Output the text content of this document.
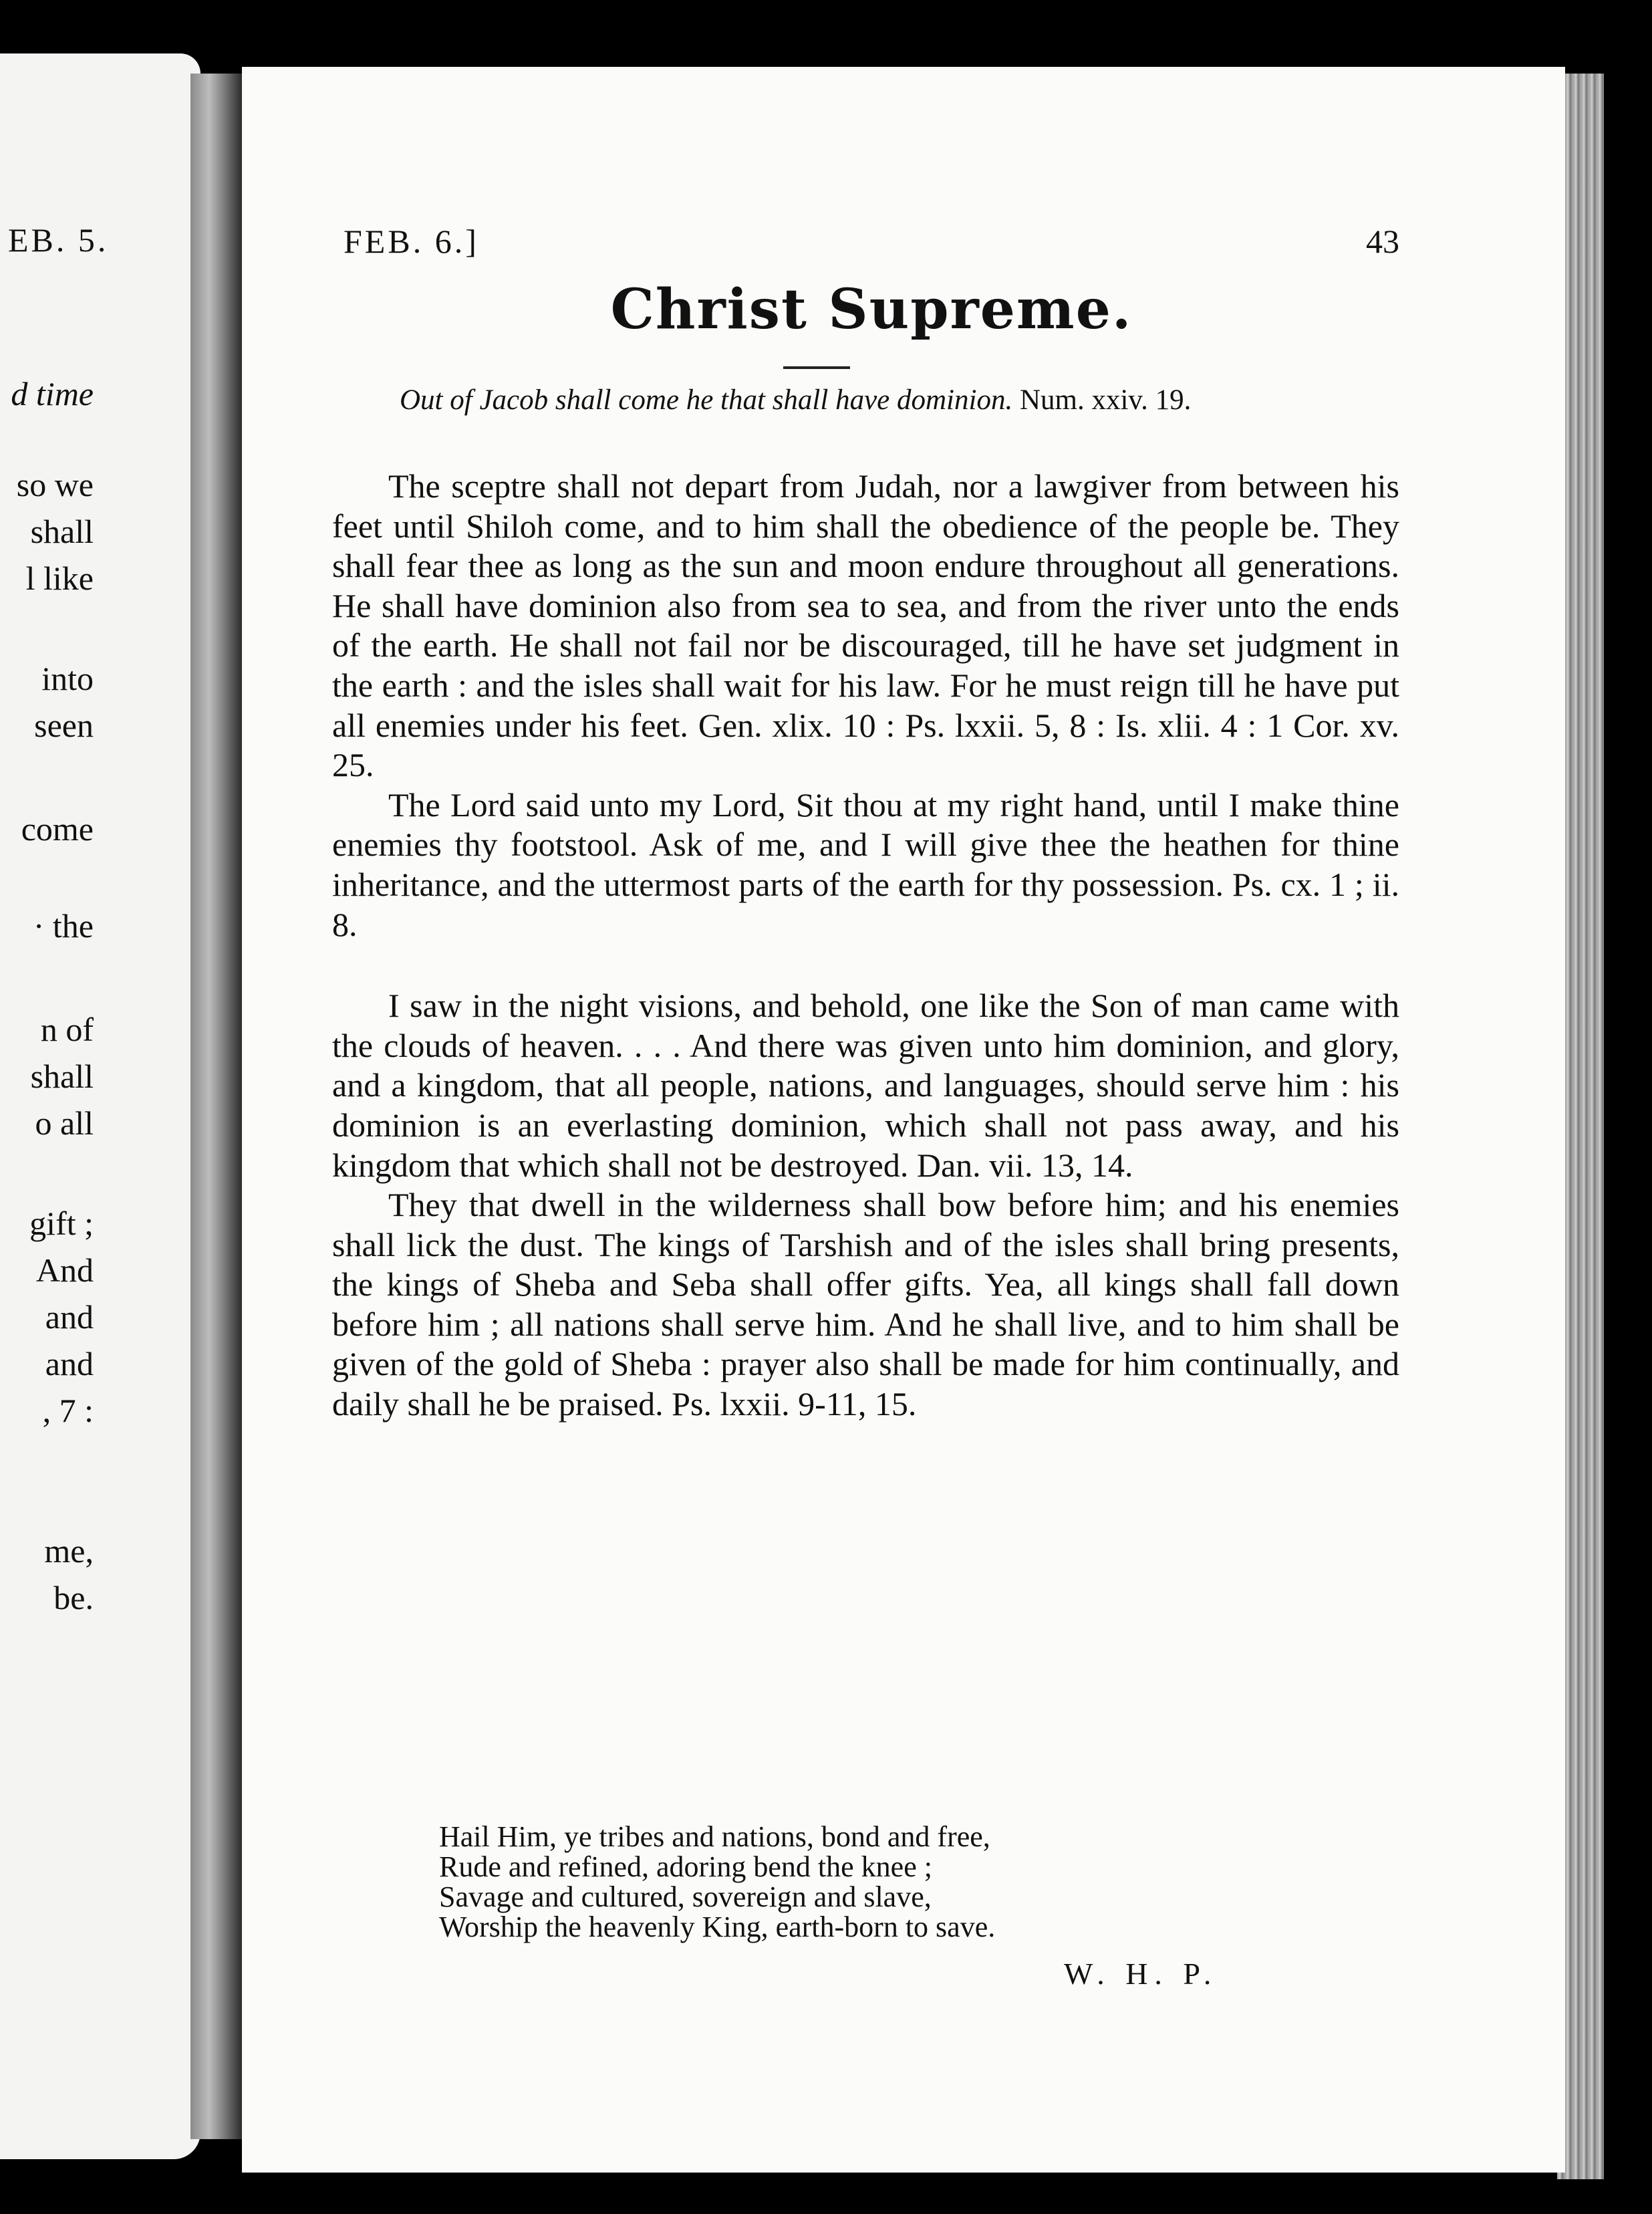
EB. 5.

d time

so we

shall

l like

into

seen

come

· the

n of

shall

o all

gift ;

And

and

and

, 7 :

me,

be.

FEB. 6.]	43

Christ Supreme.

Out of Jacob shall come he that shall have dominion. Num. xxiv. 19.

The sceptre shall not depart from Judah, nor a lawgiver from between his feet until Shiloh come, and to him shall the obedience of the people be. They shall fear thee as long as the sun and moon endure throughout all generations. He shall have dominion also from sea to sea, and from the river unto the ends of the earth. He shall not fail nor be discouraged, till he have set judgment in the earth : and the isles shall wait for his law. For he must reign till he have put all enemies under his feet. Gen. xlix. 10 : Ps. lxxii. 5, 8 : Is. xlii. 4 : 1 Cor. xv. 25.

The Lord said unto my Lord, Sit thou at my right hand, until I make thine enemies thy footstool. Ask of me, and I will give thee the heathen for thine inheritance, and the uttermost parts of the earth for thy possession. Ps. cx. 1 ; ii. 8.

I saw in the night visions, and behold, one like the Son of man came with the clouds of heaven. . . . And there was given unto him dominion, and glory, and a kingdom, that all people, nations, and languages, should serve him : his dominion is an everlasting dominion, which shall not pass away, and his kingdom that which shall not be destroyed. Dan. vii. 13, 14.

They that dwell in the wilderness shall bow before him; and his enemies shall lick the dust. The kings of Tarshish and of the isles shall bring presents, the kings of Sheba and Seba shall offer gifts. Yea, all kings shall fall down before him ; all nations shall serve him. And he shall live, and to him shall be given of the gold of Sheba : prayer also shall be made for him continually, and daily shall he be praised. Ps. lxxii. 9-11, 15.

Hail Him, ye tribes and nations, bond and free,

Rude and refined, adoring bend the knee ;

Savage and cultured, sovereign and slave,

Worship the heavenly King, earth-born to save.

W. H. P.
